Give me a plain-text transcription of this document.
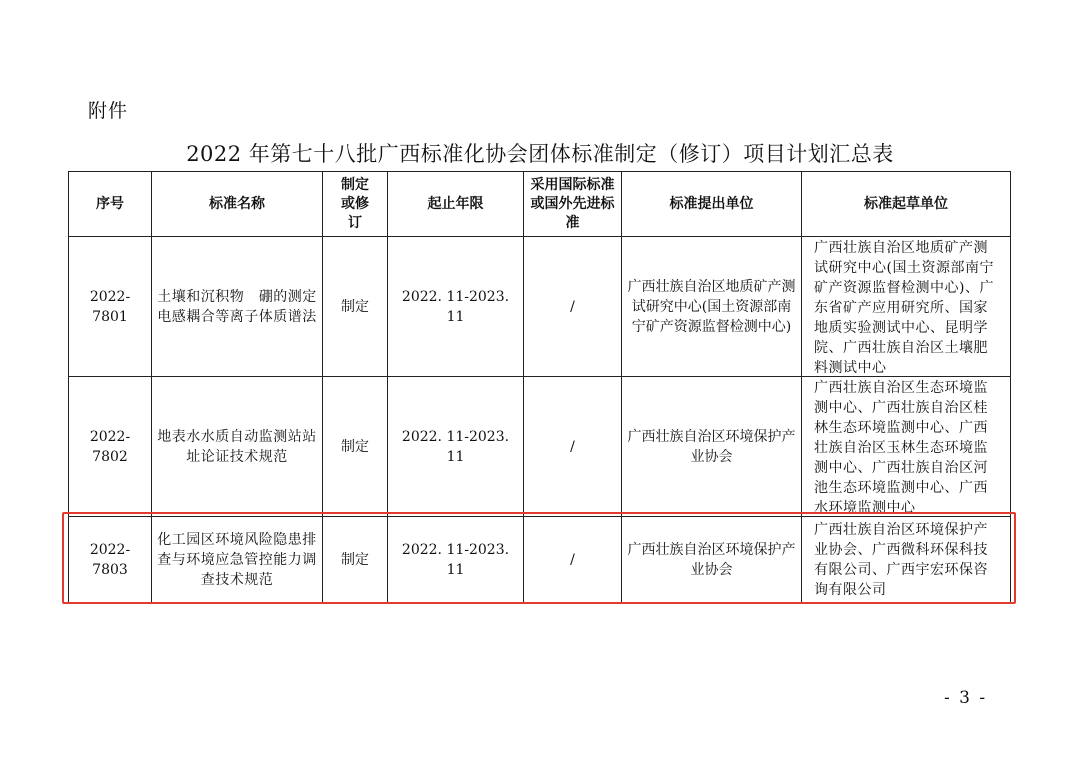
附件
2022 年第七十八批广西标准化协会团体标准制定（修订）项目计划汇总表
序号	标准名称	制定或修订	起止年限	采用国际标准或国外先进标准	标准提出单位	标准起草单位
2022-7801	土壤和沉积物　硼的测定　电感耦合等离子体质谱法	制定	2022. 11-2023. 11	/	广西壮族自治区地质矿产测试研究中心(国土资源部南宁矿产资源监督检测中心)	广西壮族自治区地质矿产测试研究中心(国土资源部南宁矿产资源监督检测中心)、广东省矿产应用研究所、国家地质实验测试中心、昆明学院、广西壮族自治区土壤肥料测试中心

2022-7802	地表水水质自动监测站站址论证技术规范	制定	2022. 11-2023. 11	/	广西壮族自治区环境保护产业协会	广西壮族自治区生态环境监测中心、广西壮族自治区桂林生态环境监测中心、广西壮族自治区玉林生态环境监测中心、广西壮族自治区河池生态环境监测中心、广西水环境监测中心

2022-7803	化工园区环境风险隐患排查与环境应急管控能力调查技术规范	制定	2022. 11-2023. 11	/	广西壮族自治区环境保护产业协会	广西壮族自治区环境保护产业协会、广西微科环保科技有限公司、广西宇宏环保咨询有限公司
- 3 -
